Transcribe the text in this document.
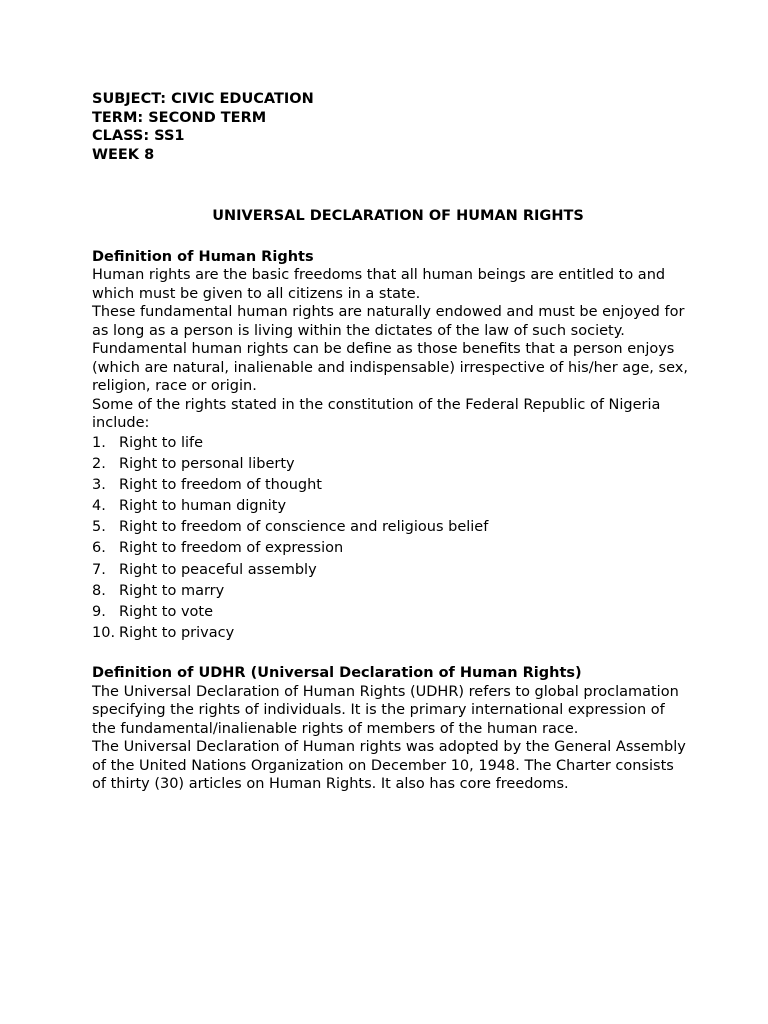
SUBJECT: CIVIC EDUCATION
TERM: SECOND TERM
CLASS: SS1
WEEK 8
UNIVERSAL DECLARATION OF HUMAN RIGHTS
Definition of Human Rights

Human rights are the basic freedoms that all human beings are entitled to and which must be given to all citizens in a state.

These fundamental human rights are naturally endowed and must be enjoyed for as long as a person is living within the dictates of the law of such society.

Fundamental human rights can be define as those benefits that a person enjoys (which are natural, inalienable and indispensable) irrespective of his/her age, sex, religion, race or origin.

Some of the rights stated in the constitution of the Federal Republic of Nigeria include:

1. Right to life
2. Right to personal liberty
3. Right to freedom of thought
4. Right to human dignity
5. Right to freedom of conscience and religious belief
6. Right to freedom of expression
7. Right to peaceful assembly
8. Right to marry
9. Right to vote
10. Right to privacy
Definition of UDHR (Universal Declaration of Human Rights)

The Universal Declaration of Human Rights (UDHR) refers to global proclamation specifying the rights of individuals. It is the primary international expression of the fundamental/inalienable rights of members of the human race.

The Universal Declaration of Human rights was adopted by the General Assembly of the United Nations Organization on December 10, 1948. The Charter consists of thirty (30) articles on Human Rights. It also has core freedoms.
